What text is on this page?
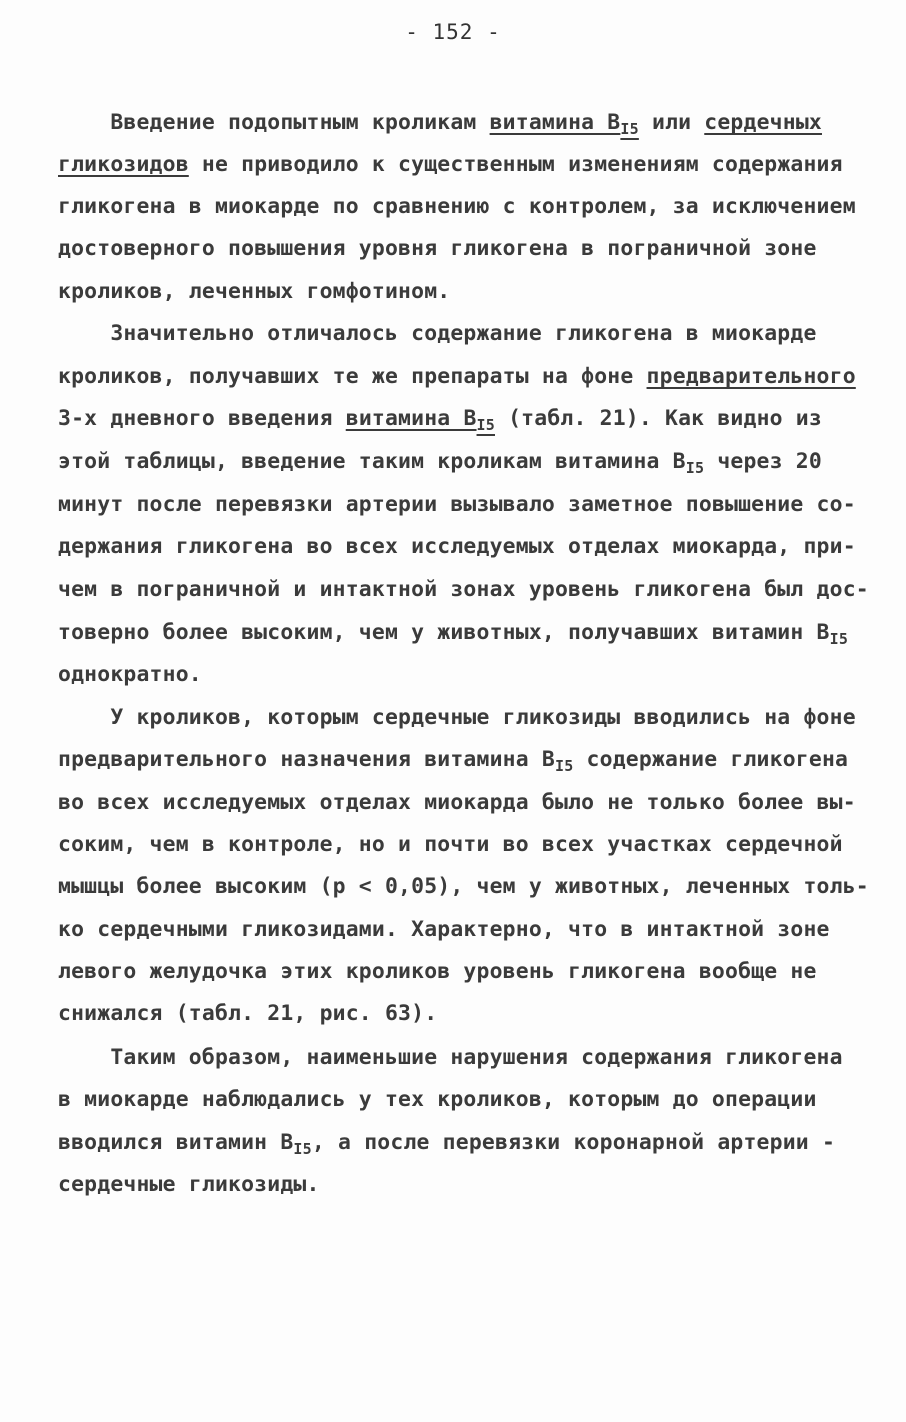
- 152 -
Введение подопытным кроликам витамина $B_{I5}$ или сердечных
гликозидов не приводило к существенным изменениям содержания
гликогена в миокарде по сравнению с контролем, за исключением
достоверного повышения уровня гликогена в пограничной зоне
кроликов, леченных гомфотином.
Значительно отличалось содержание гликогена в миокарде
кроликов, получавших те же препараты на фоне предварительного
3-х дневного введения витамина $B_{I5}$ (табл. 21). Как видно из
этой таблицы, введение таким кроликам витамина $B_{I5}$ через 20
минут после перевязки артерии вызывало заметное повышение со-
держания гликогена во всех исследуемых отделах миокарда, при-
чем в пограничной и интактной зонах уровень гликогена был дос-
товерно более высоким, чем у животных, получавших витамин $B_{I5}$
однократно.
У кроликов, которым сердечные гликозиды вводились на фоне
предварительного назначения витамина $B_{I5}$ содержание гликогена
во всех исследуемых отделах миокарда было не только более вы-
соким, чем в контроле, но и почти во всех участках сердечной
мышцы более высоким (p < 0,05), чем у животных, леченных толь-
ко сердечными гликозидами. Характерно, что в интактной зоне
левого желудочка этих кроликов уровень гликогена вообще не
снижался (табл. 21, рис. 63).
Таким образом, наименьшие нарушения содержания гликогена
в миокарде наблюдались у тех кроликов, которым до операции
вводился витамин $B_{I5}$, а после перевязки коронарной артерии -
сердечные гликозиды.
